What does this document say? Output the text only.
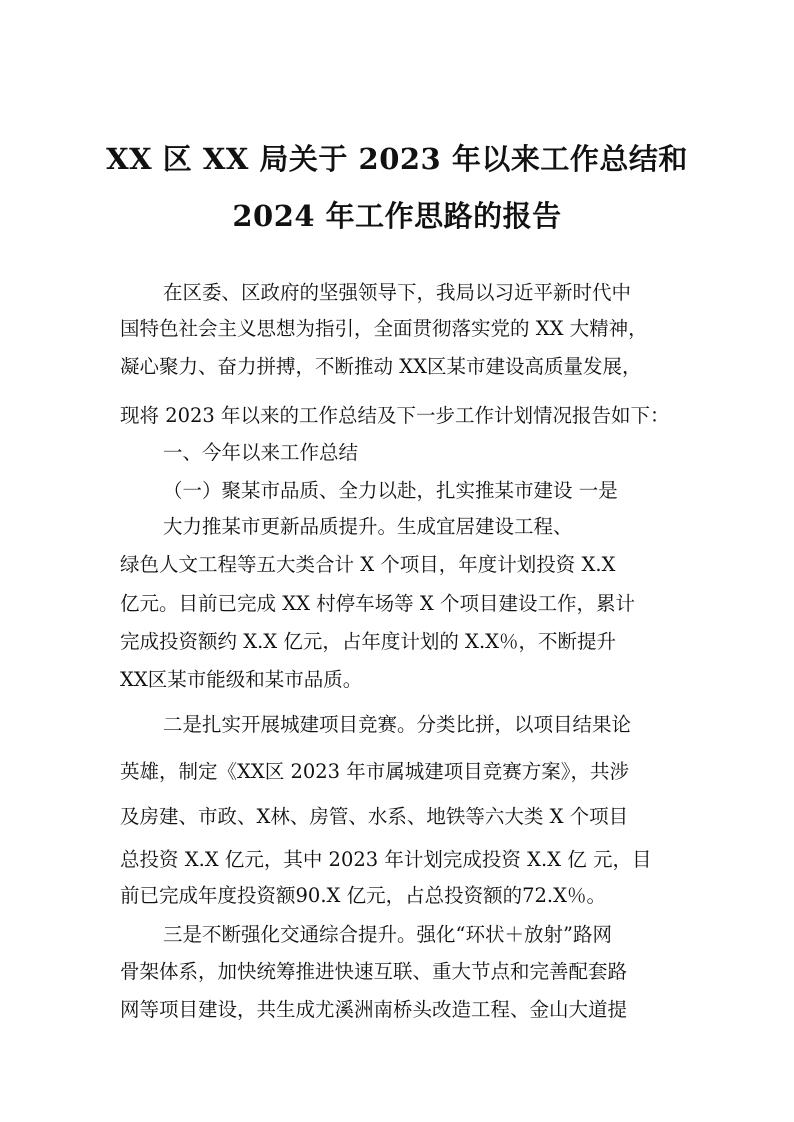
XX 区 XX 局关于 2023 年以来工作总结和
2024 年工作思路的报告
在区委、区政府的坚强领导下，我局以习近平新时代中
国特色社会主义思想为指引，全面贯彻落实党的 XX 大精神，
凝心聚力、奋力拼搏，不断推动 XX区某市建设高质量发展，
现将 2023 年以来的工作总结及下一步工作计划情况报告如下：
一、今年以来工作总结
（一）聚某市品质、全力以赴，扎实推某市建设 一是
大力推某市更新品质提升。生成宜居建设工程、
绿色人文工程等五大类合计 X 个项目，年度计划投资 X.X
亿元。目前已完成 XX 村停车场等 X 个项目建设工作，累计
完成投资额约 X.X 亿元，占年度计划的 X.X％，不断提升
XX区某市能级和某市品质。
二是扎实开展城建项目竞赛。分类比拼，以项目结果论
英雄，制定《XX区 2023 年市属城建项目竞赛方案》，共涉
及房建、市政、X林、房管、水系、地铁等六大类 X 个项目
总投资 X.X 亿元，其中 2023 年计划完成投资 X.X 亿 元，目
前已完成年度投资额90.X 亿元，占总投资额的72.X％。
三是不断强化交通综合提升。强化“环状＋放射”路网
骨架体系，加快统筹推进快速互联、重大节点和完善配套路
网等项目建设，共生成尤溪洲南桥头改造工程、金山大道提
